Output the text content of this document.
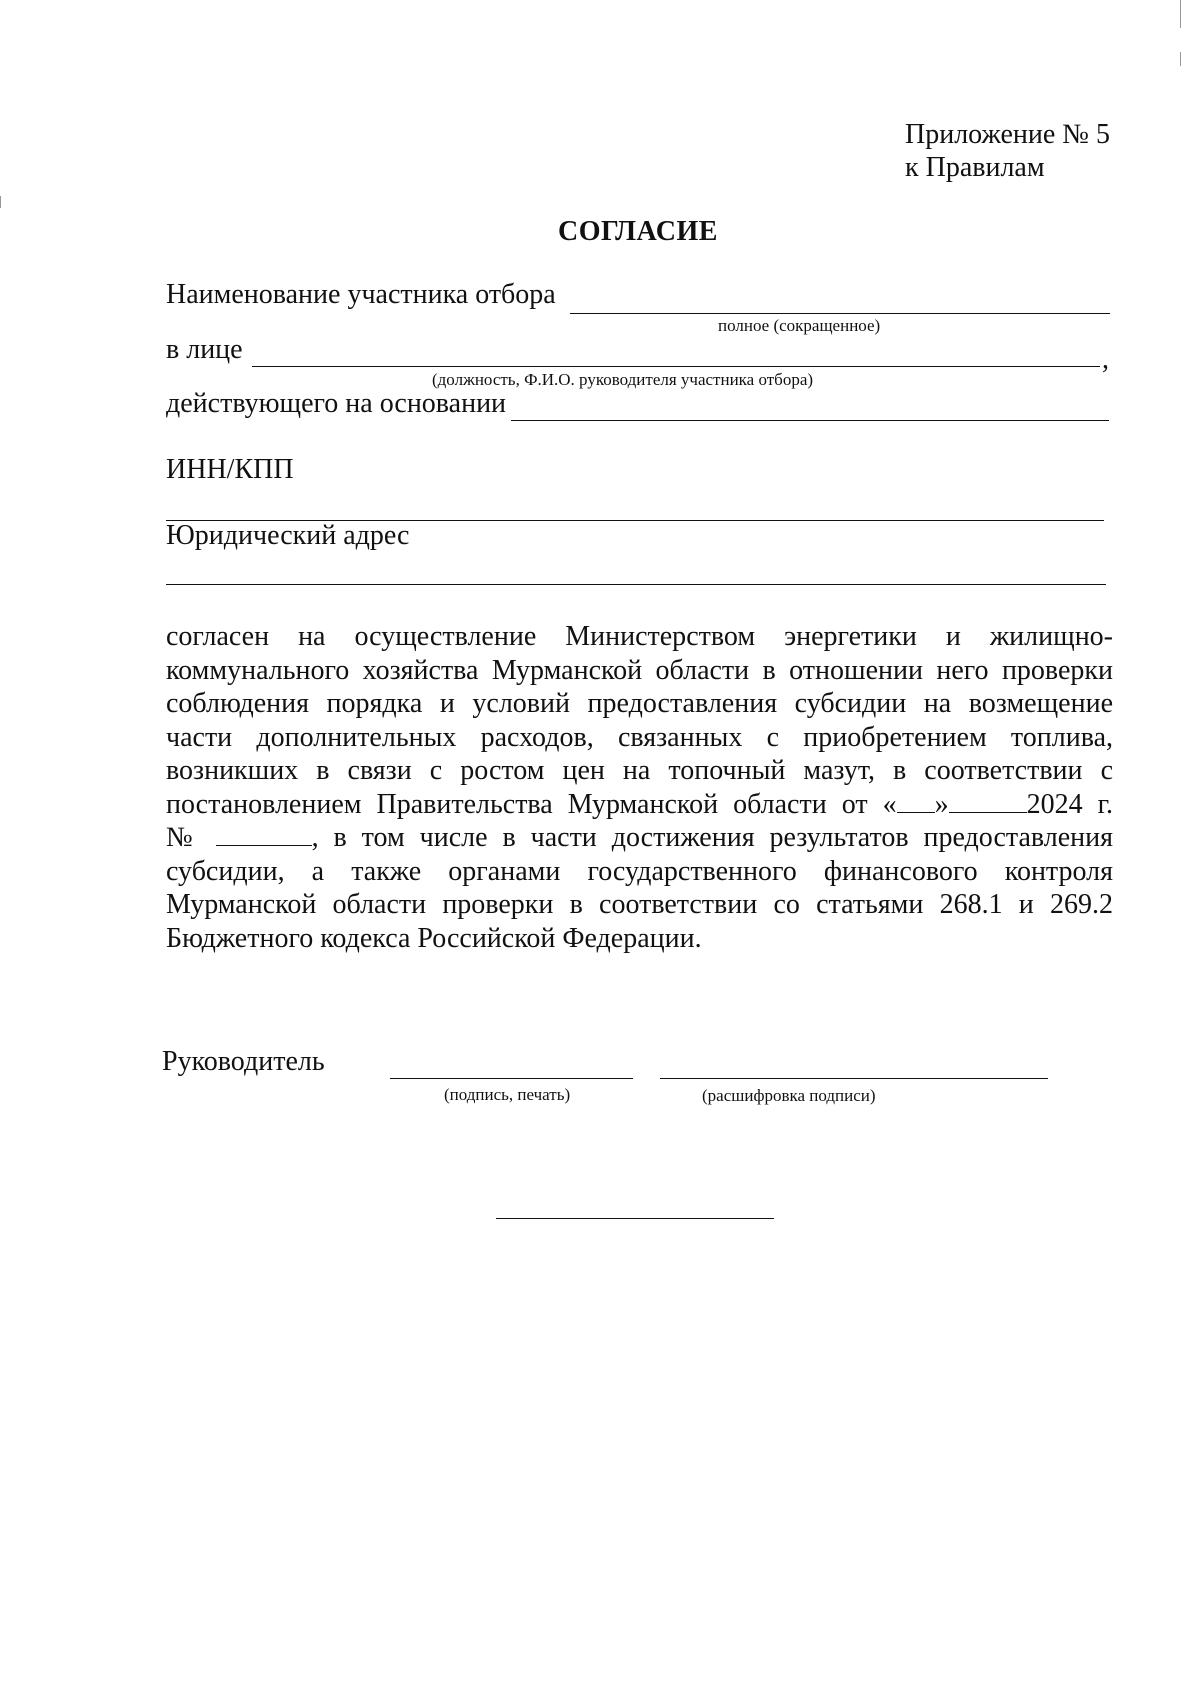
Приложение № 5
к Правилам
СОГЛАСИЕ
Наименование участника отбора
полное (сокращенное)
в лице	,
(должность, Ф.И.О. руководителя участника отбора)
действующего на основании
ИНН/КПП
Юридический адрес
согласен на осуществление Министерством энергетики и жилищно-
коммунального хозяйства Мурманской области в отношении него проверки
соблюдения порядка и условий предоставления субсидии на возмещение
части дополнительных расходов, связанных с приобретением топлива,
возникших в связи с ростом цен на топочный мазут, в соответствии с
постановлением Правительства Мурманской области от « »	2024 г.
№	, в том числе в части достижения результатов предоставления
субсидии, а также органами государственного финансового контроля
Мурманской области проверки в соответствии со статьями 268.1 и 269.2
Бюджетного кодекса Российской Федерации.
Руководитель
(подпись, печать)	(расшифровка подписи)
